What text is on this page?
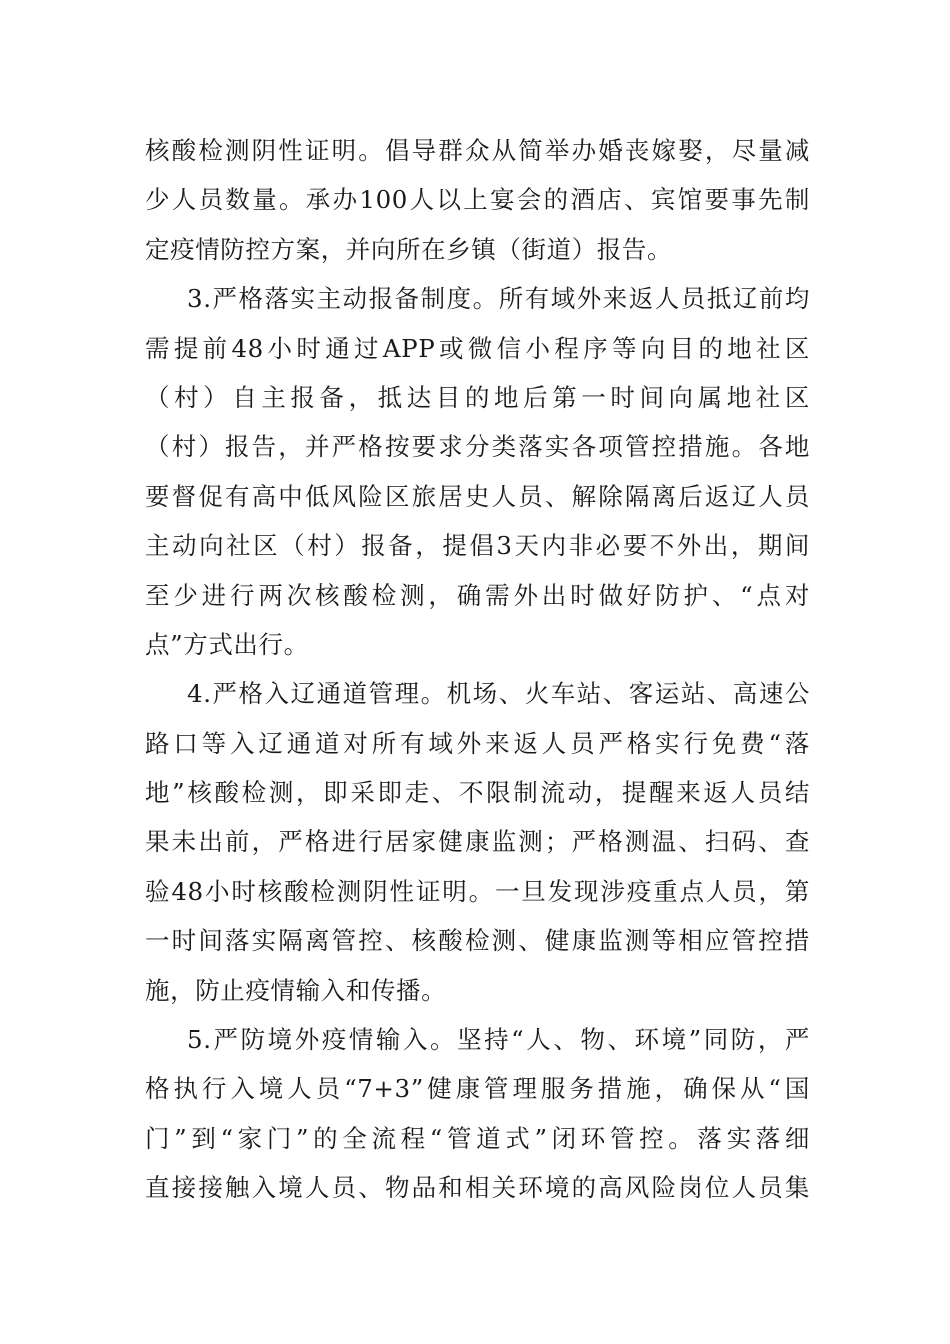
核酸检测阴性证明。倡导群众从简举办婚丧嫁娶，尽量减
少人员数量。承办100人以上宴会的酒店、宾馆要事先制
定疫情防控方案，并向所在乡镇（街道）报告。
3.严格落实主动报备制度。所有域外来返人员抵辽前均
需提前48小时通过APP或微信小程序等向目的地社区
（村）自主报备，抵达目的地后第一时间向属地社区
（村）报告，并严格按要求分类落实各项管控措施。各地
要督促有高中低风险区旅居史人员、解除隔离后返辽人员
主动向社区（村）报备，提倡3天内非必要不外出，期间
至少进行两次核酸检测，确需外出时做好防护、“点对
点”方式出行。
4.严格入辽通道管理。机场、火车站、客运站、高速公
路口等入辽通道对所有域外来返人员严格实行免费“落
地”核酸检测，即采即走、不限制流动，提醒来返人员结
果未出前，严格进行居家健康监测；严格测温、扫码、查
验48小时核酸检测阴性证明。一旦发现涉疫重点人员，第
一时间落实隔离管控、核酸检测、健康监测等相应管控措
施，防止疫情输入和传播。
5.严防境外疫情输入。坚持“人、物、环境”同防，严
格执行入境人员“7+3”健康管理服务措施，确保从“国
门”到“家门”的全流程“管道式”闭环管控。落实落细
直接接触入境人员、物品和相关环境的高风险岗位人员集
